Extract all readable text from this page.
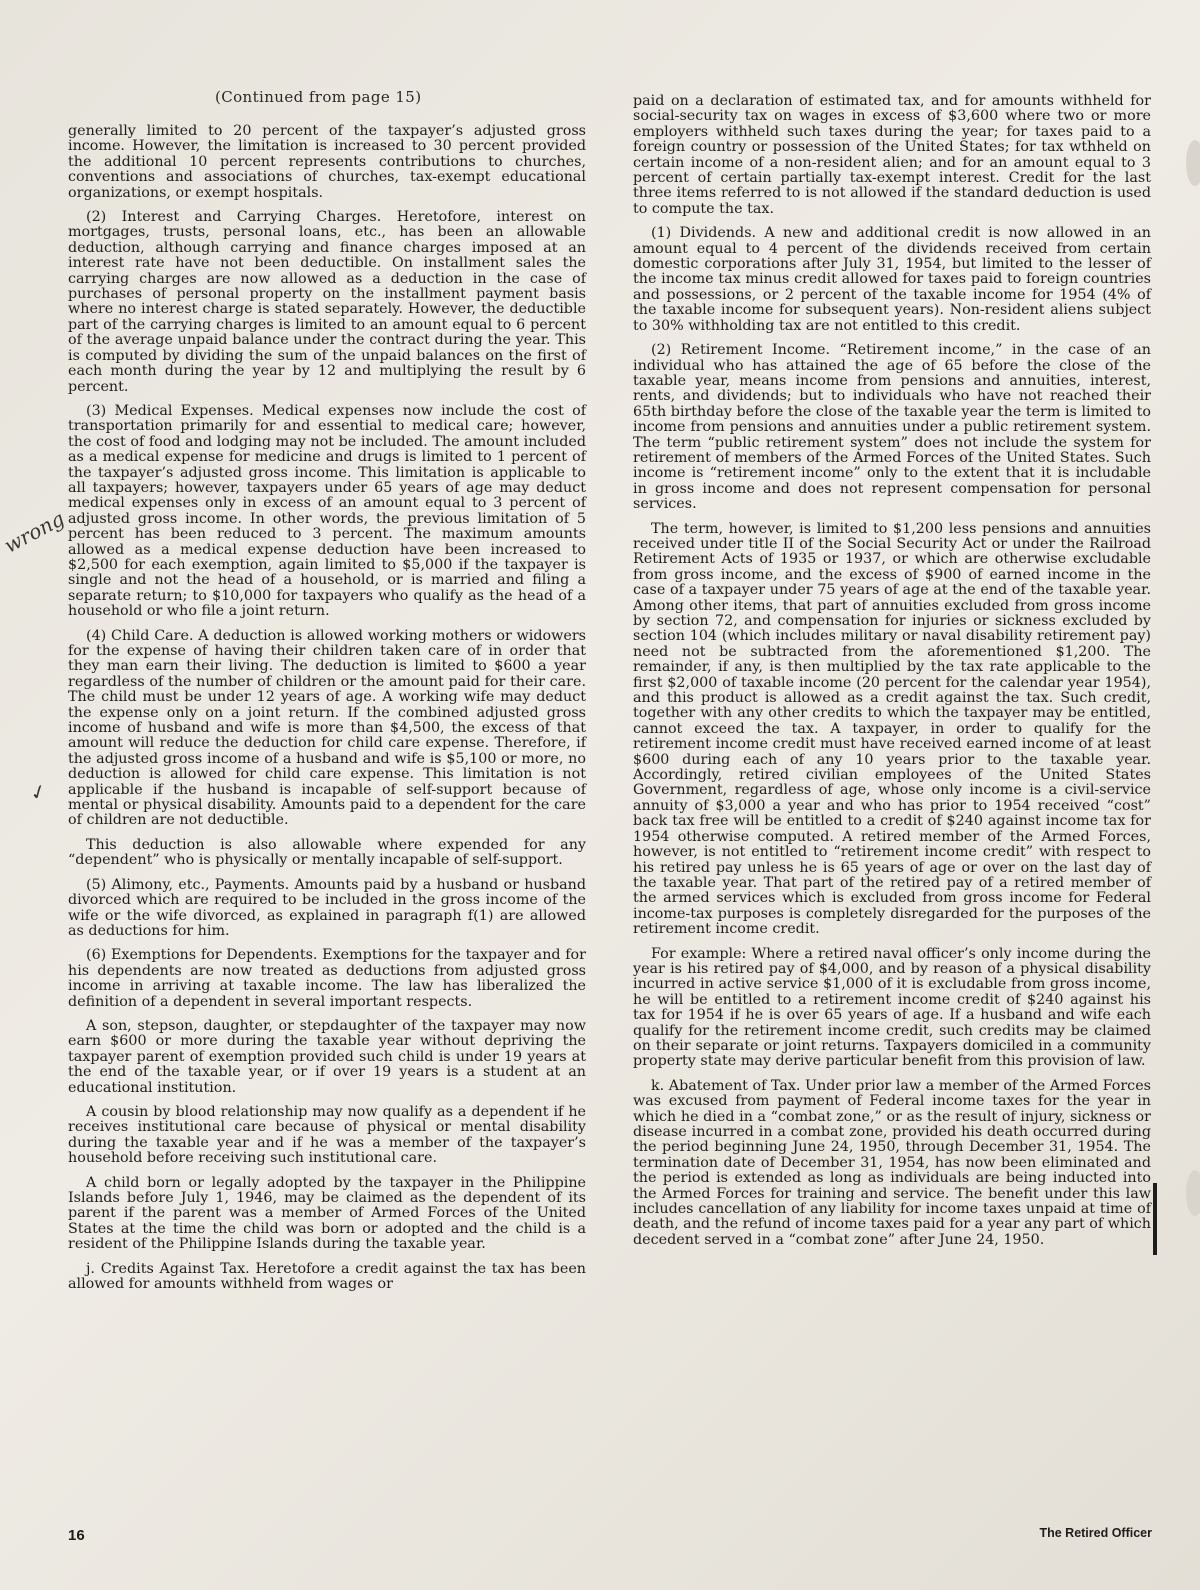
(Continued from page 15)
wrong
✓

generally limited to 20 percent of the taxpayer’s adjusted gross income. However, the limitation is increased to 30 percent provided the additional 10 percent represents contributions to churches, conventions and associations of churches, tax-exempt educational organizations, or exempt hospitals.

(2) Interest and Carrying Charges. Heretofore, interest on mortgages, trusts, personal loans, etc., has been an allowable deduction, although carrying and finance charges imposed at an interest rate have not been deductible. On installment sales the carrying charges are now allowed as a deduction in the case of purchases of personal property on the installment payment basis where no interest charge is stated separately. However, the deductible part of the carrying charges is limited to an amount equal to 6 percent of the average unpaid balance under the contract during the year. This is computed by dividing the sum of the unpaid balances on the first of each month during the year by 12 and multiplying the result by 6 percent.

(3) Medical Expenses. Medical expenses now include the cost of transportation primarily for and essential to medical care; however, the cost of food and lodging may not be included. The amount included as a medical expense for medicine and drugs is limited to 1 percent of the taxpayer’s adjusted gross income. This limitation is applicable to all taxpayers; however, taxpayers under 65 years of age may deduct medical expenses only in excess of an amount equal to 3 percent of adjusted gross income. In other words, the previous limitation of 5 percent has been reduced to 3 percent. The maximum amounts allowed as a medical expense deduction have been increased to $2,500 for each exemption, again limited to $5,000 if the taxpayer is single and not the head of a household, or is married and filing a separate return; to $10,000 for taxpayers who qualify as the head of a household or who file a joint return.

(4) Child Care. A deduction is allowed working mothers or widowers for the expense of having their children taken care of in order that they man earn their living. The deduction is limited to $600 a year regardless of the number of children or the amount paid for their care. The child must be under 12 years of age. A working wife may deduct the expense only on a joint return. If the combined adjusted gross income of husband and wife is more than $4,500, the excess of that amount will reduce the deduction for child care expense. Therefore, if the adjusted gross income of a husband and wife is $5,100 or more, no deduction is allowed for child care expense. This limitation is not applicable if the husband is incapable of self-support because of mental or physical disability. Amounts paid to a dependent for the care of children are not deductible.

This deduction is also allowable where expended for any “dependent” who is physically or mentally incapable of self-support.

(5) Alimony, etc., Payments. Amounts paid by a husband or husband divorced which are required to be included in the gross income of the wife or the wife divorced, as explained in paragraph f(1) are allowed as deductions for him.

(6) Exemptions for Dependents. Exemptions for the taxpayer and for his dependents are now treated as deductions from adjusted gross income in arriving at taxable income. The law has liberalized the definition of a dependent in several important respects.

A son, stepson, daughter, or stepdaughter of the taxpayer may now earn $600 or more during the taxable year without depriving the taxpayer parent of exemption provided such child is under 19 years at the end of the taxable year, or if over 19 years is a student at an educational institution.

A cousin by blood relationship may now qualify as a dependent if he receives institutional care because of physical or mental disability during the taxable year and if he was a member of the taxpayer’s household before receiving such institutional care.

A child born or legally adopted by the taxpayer in the Philippine Islands before July 1, 1946, may be claimed as the dependent of its parent if the parent was a member of Armed Forces of the United States at the time the child was born or adopted and the child is a resident of the Philippine Islands during the taxable year.

j. Credits Against Tax. Heretofore a credit against the tax has been allowed for amounts withheld from wages or

paid on a declaration of estimated tax, and for amounts withheld for social-security tax on wages in excess of $3,600 where two or more employers withheld such taxes during the year; for taxes paid to a foreign country or possession of the United States; for tax wthheld on certain income of a non-resident alien; and for an amount equal to 3 percent of certain partially tax-exempt interest. Credit for the last three items referred to is not allowed if the standard deduction is used to compute the tax.

(1) Dividends. A new and additional credit is now allowed in an amount equal to 4 percent of the dividends received from certain domestic corporations after July 31, 1954, but limited to the lesser of the income tax minus credit allowed for taxes paid to foreign countries and possessions, or 2 percent of the taxable income for 1954 (4% of the taxable income for subsequent years). Non-resident aliens subject to 30% withholding tax are not entitled to this credit.

(2) Retirement Income. “Retirement income,” in the case of an individual who has attained the age of 65 before the close of the taxable year, means income from pensions and annuities, interest, rents, and dividends; but to individuals who have not reached their 65th birthday before the close of the taxable year the term is limited to income from pensions and annuities under a public retirement system. The term “public retirement system” does not include the system for retirement of members of the Armed Forces of the United States. Such income is “retirement income” only to the extent that it is includable in gross income and does not represent compensation for personal services.

The term, however, is limited to $1,200 less pensions and annuities received under title II of the Social Security Act or under the Railroad Retirement Acts of 1935 or 1937, or which are otherwise excludable from gross income, and the excess of $900 of earned income in the case of a taxpayer under 75 years of age at the end of the taxable year. Among other items, that part of annuities excluded from gross income by section 72, and compensation for injuries or sickness excluded by section 104 (which includes military or naval disability retirement pay) need not be subtracted from the aforementioned $1,200. The remainder, if any, is then multiplied by the tax rate applicable to the first $2,000 of taxable income (20 percent for the calendar year 1954), and this product is allowed as a credit against the tax. Such credit, together with any other credits to which the taxpayer may be entitled, cannot exceed the tax. A taxpayer, in order to qualify for the retirement income credit must have received earned income of at least $600 during each of any 10 years prior to the taxable year. Accordingly, retired civilian employees of the United States Government, regardless of age, whose only income is a civil-service annuity of $3,000 a year and who has prior to 1954 received “cost” back tax free will be entitled to a credit of $240 against income tax for 1954 otherwise computed. A retired member of the Armed Forces, however, is not entitled to “retirement income credit” with respect to his retired pay unless he is 65 years of age or over on the last day of the taxable year. That part of the retired pay of a retired member of the armed services which is excluded from gross income for Federal income-tax purposes is completely disregarded for the purposes of the retirement income credit.

For example: Where a retired naval officer’s only income during the year is his retired pay of $4,000, and by reason of a physical disability incurred in active service $1,000 of it is excludable from gross income, he will be entitled to a retirement income credit of $240 against his tax for 1954 if he is over 65 years of age. If a husband and wife each qualify for the retirement income credit, such credits may be claimed on their separate or joint returns. Taxpayers domiciled in a community property state may derive particular benefit from this provision of law.

k. Abatement of Tax. Under prior law a member of the Armed Forces was excused from payment of Federal income taxes for the year in which he died in a “combat zone,” or as the result of injury, sickness or disease incurred in a combat zone, provided his death occurred during the period beginning June 24, 1950, through December 31, 1954. The termination date of December 31, 1954, has now been eliminated and the period is extended as long as individuals are being inducted into the Armed Forces for training and service. The benefit under this law includes cancellation of any liability for income taxes unpaid at time of death, and the refund of income taxes paid for a year any part of which decedent served in a “combat zone” after June 24, 1950.

16	The Retired Officer
